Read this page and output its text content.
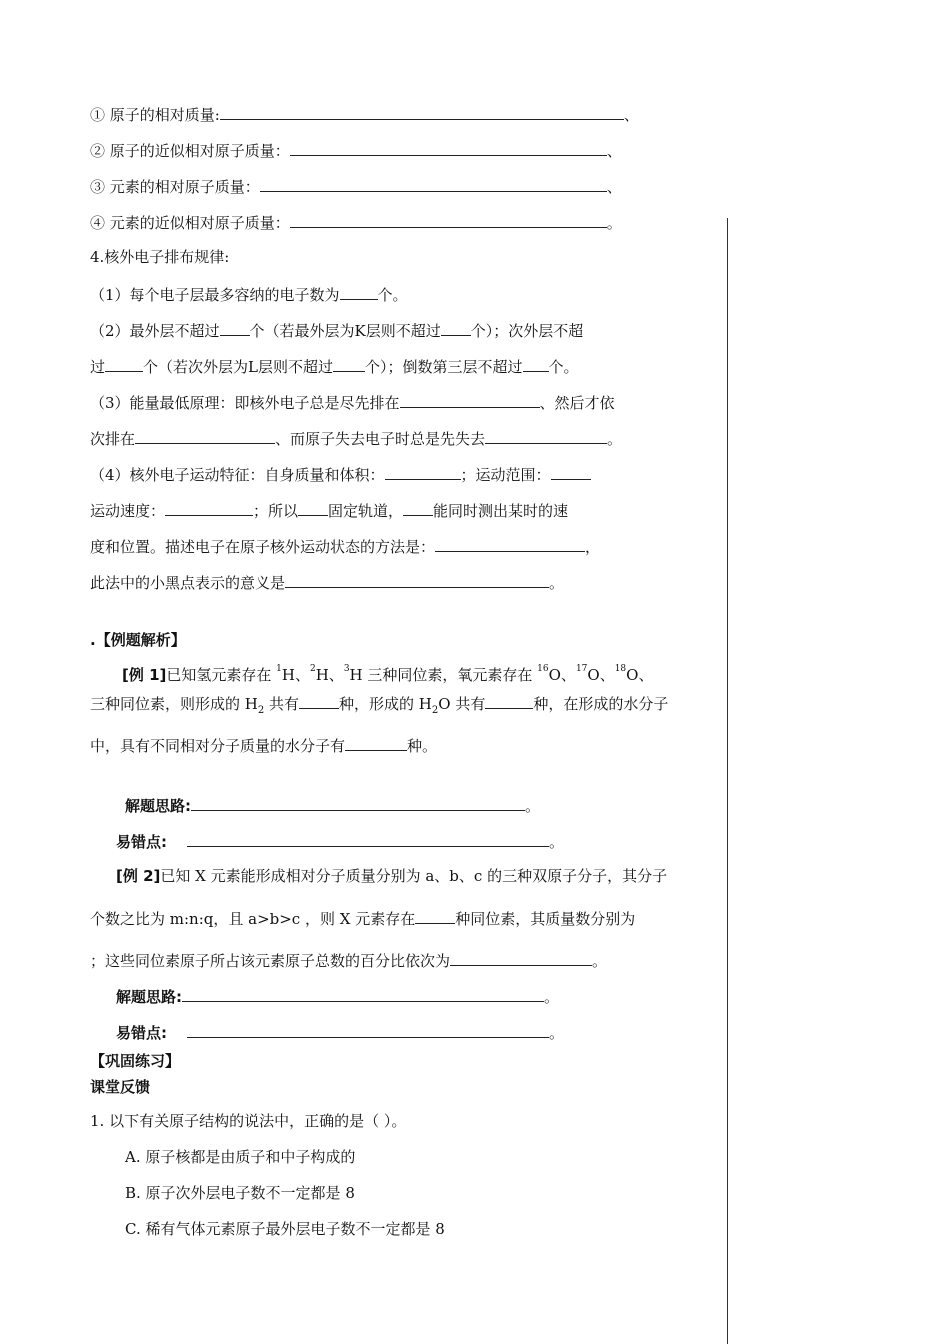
① 原子的相对质量:	、
② 原子的近似相对原子质量：	、
③ 元素的相对原子质量：	、
④ 元素的近似相对原子质量：	。
4.核外电子排布规律:
（1）每个电子层最多容纳的电子数为	个。
（2）最外层不超过 个（若最外层为K层则不超过 个）；次外层不超
过	个（若次外层为L层则不超过 个）；倒数第三层不超过 个。
（3）能量最低原理：即核外电子总是尽先排在	、然后才依
次排在	、而原子失去电子时总是先失去	。
（4）核外电子运动特征：自身质量和体积：	；运动范围：
运动速度：	；所以 固定轨道， 能同时测出某时的速
度和位置。描述电子在原子核外运动状态的方法是：	，
此法中的小黑点表示的意义是	。
.【例题解析】
[例 1]已知氢元素存在 $^1$H、$^2$H、$^3$H 三种同位素，氧元素存在 $^{16}$O、$^{17}$O、$^{18}$O、
三种同位素，则形成的 $H_2$ 共有	种，形成的 $H_2O$ 共有	种，在形成的水分子
中，具有不同相对分子质量的水分子有	种。
解题思路:	。
易错点:	。
[例 2]已知 X 元素能形成相对分子质量分别为 a、b、c 的三种双原子分子，其分子
个数之比为 m:n:q，且 a>b>c ，则 X 元素存在	种同位素，其质量数分别为
；这些同位素原子所占该元素原子总数的百分比依次为	。
解题思路:	。
易错点:	。
【巩固练习】
课堂反馈
1. 以下有关原子结构的说法中，正确的是（ ）。
A. 原子核都是由质子和中子构成的
B. 原子次外层电子数不一定都是 8
C. 稀有气体元素原子最外层电子数不一定都是 8
